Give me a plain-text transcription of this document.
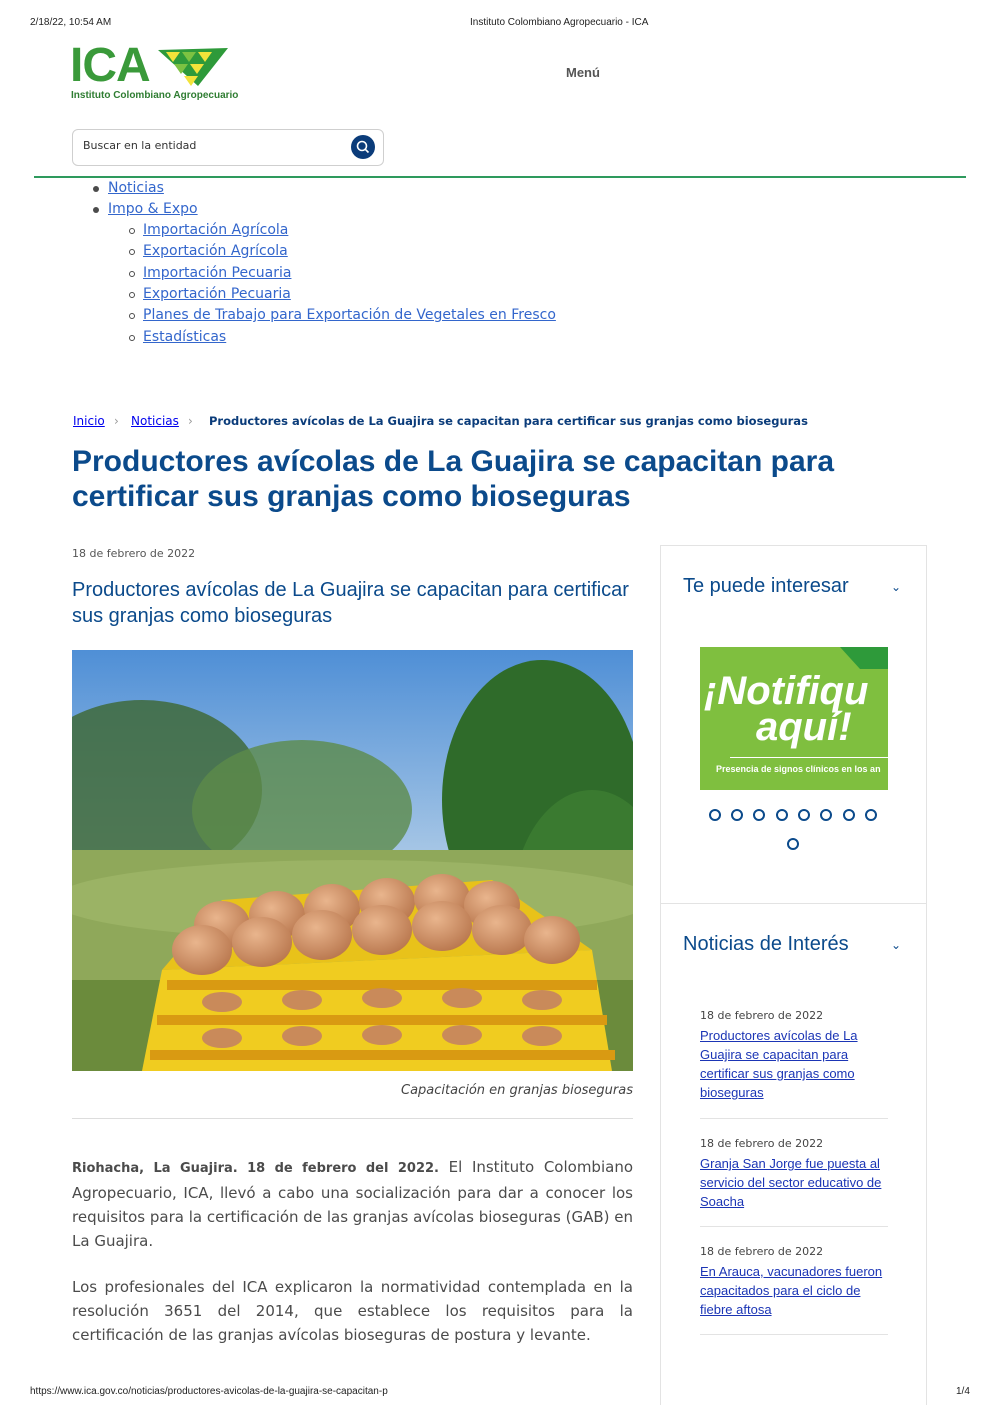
2/18/22, 10:54 AM	Instituto Colombiano Agropecuario - ICA
ICA
Instituto Colombiano Agropecuario
Menú
Buscar en la entidad
Noticias
Impo & Expo
Importación Agrícola
Exportación Agrícola
Importación Pecuaria
Exportación Pecuaria
Planes de Trabajo para Exportación de Vegetales en Fresco
Estadísticas
Inicio › Noticias › Productores avícolas de La Guajira se capacitan para certificar sus granjas como bioseguras
Productores avícolas de La Guajira se capacitan para certificar sus granjas como bioseguras
18 de febrero de 2022
Productores avícolas de La Guajira se capacitan para certificar sus granjas como bioseguras
Capacitación en granjas bioseguras

Riohacha, La Guajira. 18 de febrero del 2022. El Instituto Colombiano Agropecuario, ICA, llevó a cabo una socialización para dar a conocer los requisitos para la certificación de las granjas avícolas bioseguras (GAB) en La Guajira.

Los profesionales del ICA explicaron la normatividad contemplada en la resolución 3651 del 2014, que establece los requisitos para la certificación de las granjas avícolas bioseguras de postura y levante.

Te puede interesar	⌄
¡Notifiqu
aquí!
Presencia de signos clínicos en los an
Noticias de Interés	⌄
18 de febrero de 2022
Productores avícolas de La Guajira se capacitan para certificar sus granjas como bioseguras
18 de febrero de 2022
Granja San Jorge fue puesta al servicio del sector educativo de Soacha
18 de febrero de 2022
En Arauca, vacunadores fueron capacitados para el ciclo de fiebre aftosa
https://www.ica.gov.co/noticias/productores-avicolas-de-la-guajira-se-capacitan-p	1/4
